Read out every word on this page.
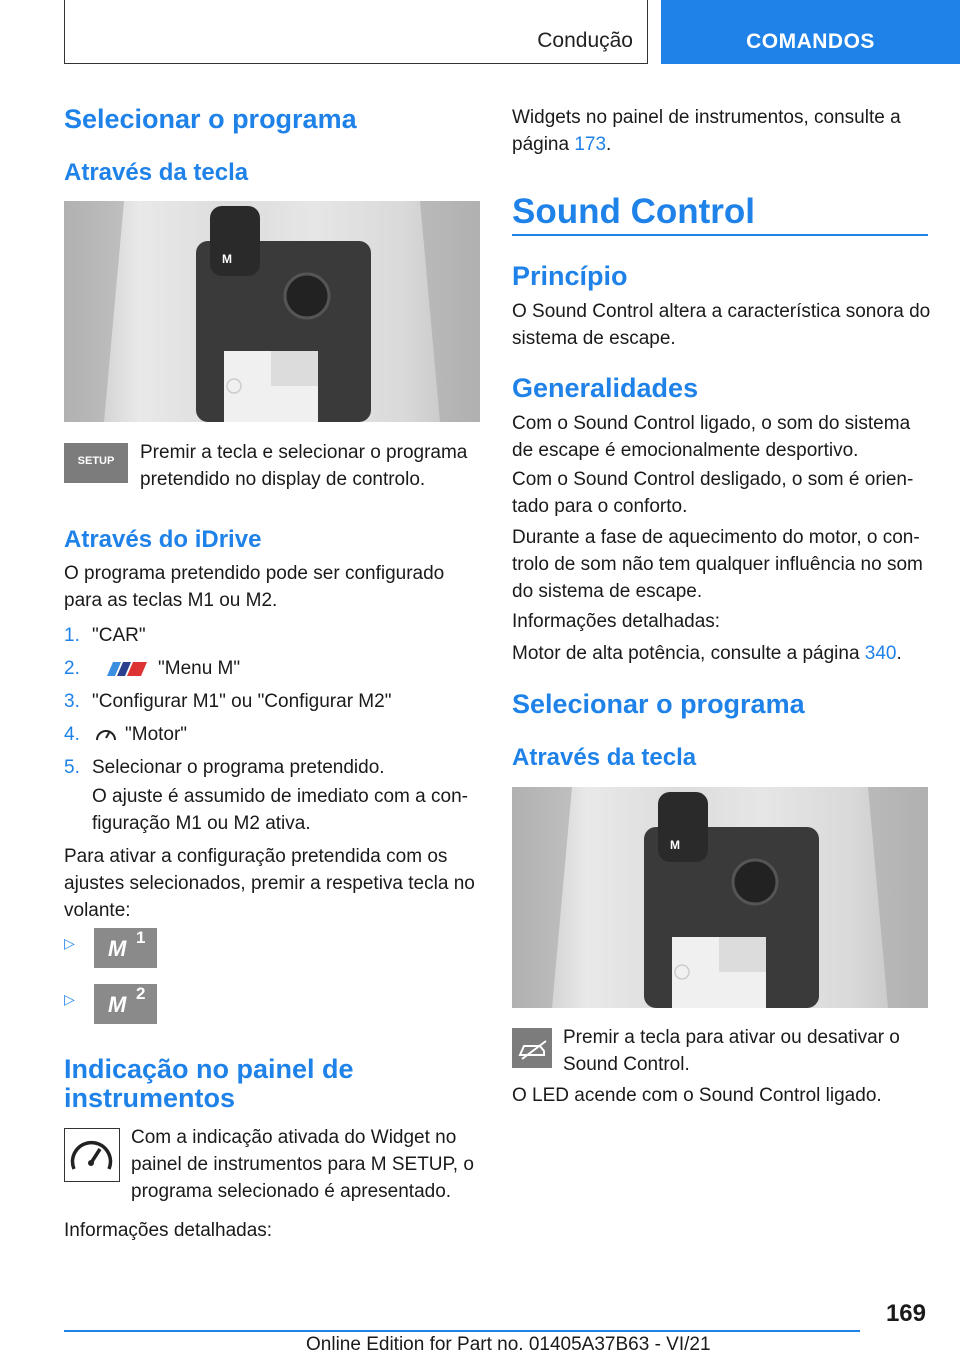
Condução	COMANDOS
Selecionar o programa
Através da tecla
M
SETUP	Premir a tecla e selecionar o programa
pretendido no display de controlo.
Através do iDrive
O programa pretendido pode ser configurado
para as teclas M1 ou M2.
1. "CAR"
2.	"Menu M"
3. "Configurar M1" ou "Configurar M2"
4. "Motor"
5. Selecionar o programa pretendido.
O ajuste é assumido de imediato com a con‐
figuração M1 ou M2 ativa.
Para ativar a configuração pretendida com os
ajustes selecionados, premir a respetiva tecla no
volante:
▷ M 1
▷ M 2
Indicação no painel de
instrumentos
Com a indicação ativada do Widget no
painel de instrumentos para M SETUP, o
programa selecionado é apresentado.
Informações detalhadas:
Widgets no painel de instrumentos, consulte a
página 173.
Sound Control
Princípio
O Sound Control altera a característica sonora do
sistema de escape.
Generalidades
Com o Sound Control ligado, o som do sistema
de escape é emocionalmente desportivo.
Com o Sound Control desligado, o som é orien‐
tado para o conforto.
Durante a fase de aquecimento do motor, o con‐
trolo de som não tem qualquer influência no som
do sistema de escape.
Informações detalhadas:
Motor de alta potência, consulte a página 340.
Selecionar o programa
Através da tecla
M
Premir a tecla para ativar ou desativar o
Sound Control.
O LED acende com o Sound Control ligado.
169
Online Edition for Part no. 01405A37B63 - VI/21
